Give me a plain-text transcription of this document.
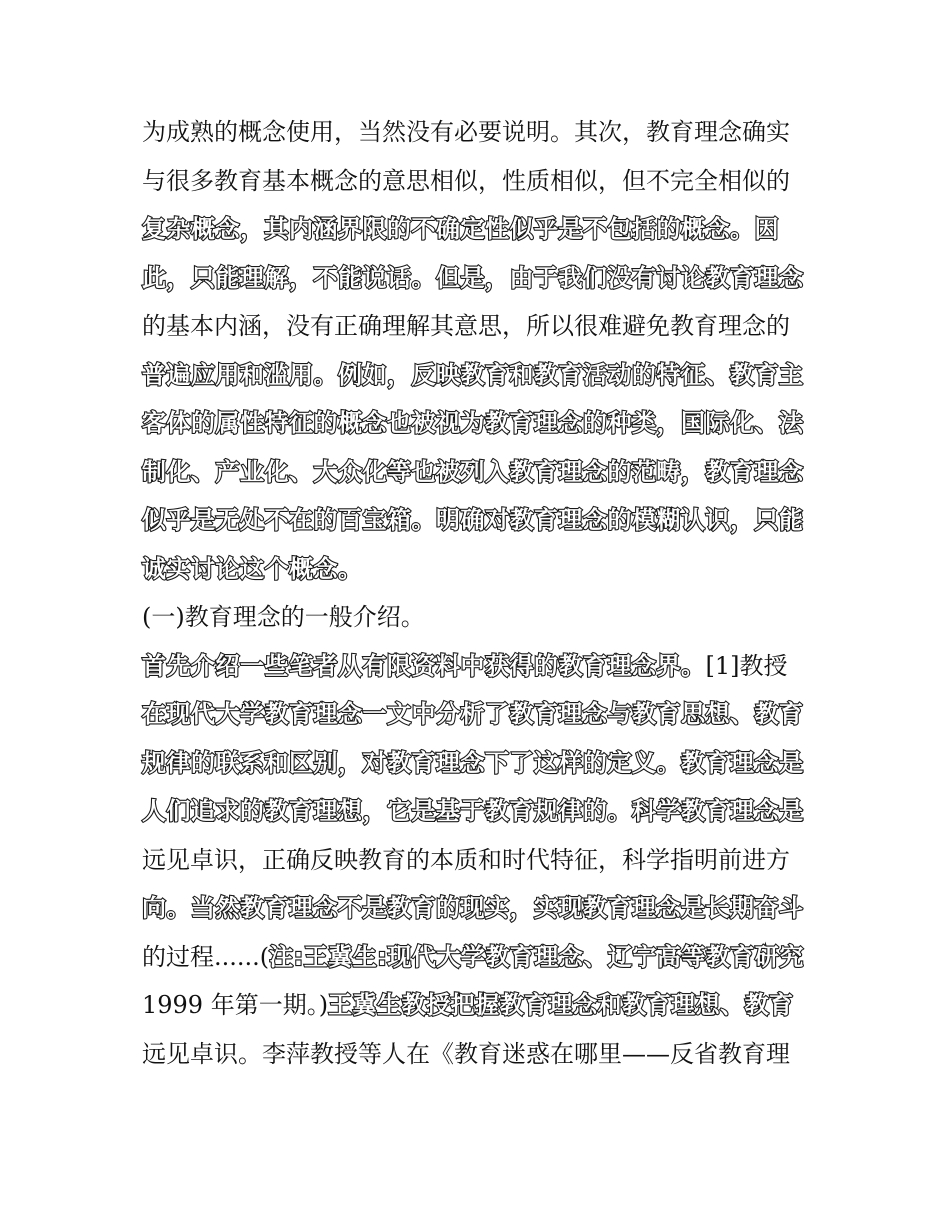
为成熟的概念使用，当然没有必要说明。其次，教育理念确实
与很多教育基本概念的意思相似，性质相似，但不完全相似的
复杂概念，其内涵界限的不确定性似乎是不包括的概念。因
此，只能理解，不能说话。但是，由于我们没有讨论教育理念
的基本内涵，没有正确理解其意思，所以很难避免教育理念的
普遍应用和滥用。例如，反映教育和教育活动的特征、教育主
客体的属性特征的概念也被视为教育理念的种类，国际化、法
制化、产业化、大众化等也被列入教育理念的范畴，教育理念
似乎是无处不在的百宝箱。明确对教育理念的模糊认识，只能
诚实讨论这个概念。
(一)教育理念的一般介绍。
首先介绍一些笔者从有限资料中获得的教育理念界。[1]教授
在现代大学教育理念一文中分析了教育理念与教育思想、教育
规律的联系和区别，对教育理念下了这样的定义。教育理念是
人们追求的教育理想，它是基于教育规律的。科学教育理念是
远见卓识，正确反映教育的本质和时代特征，科学指明前进方
向。当然教育理念不是教育的现实，实现教育理念是长期奋斗
的过程......(注:王冀生:现代大学教育理念、辽宁高等教育研究
1999 年第一期。)王冀生教授把握教育理念和教育理想、教育
远见卓识。李萍教授等人在《教育迷惑在哪里——反省教育理
